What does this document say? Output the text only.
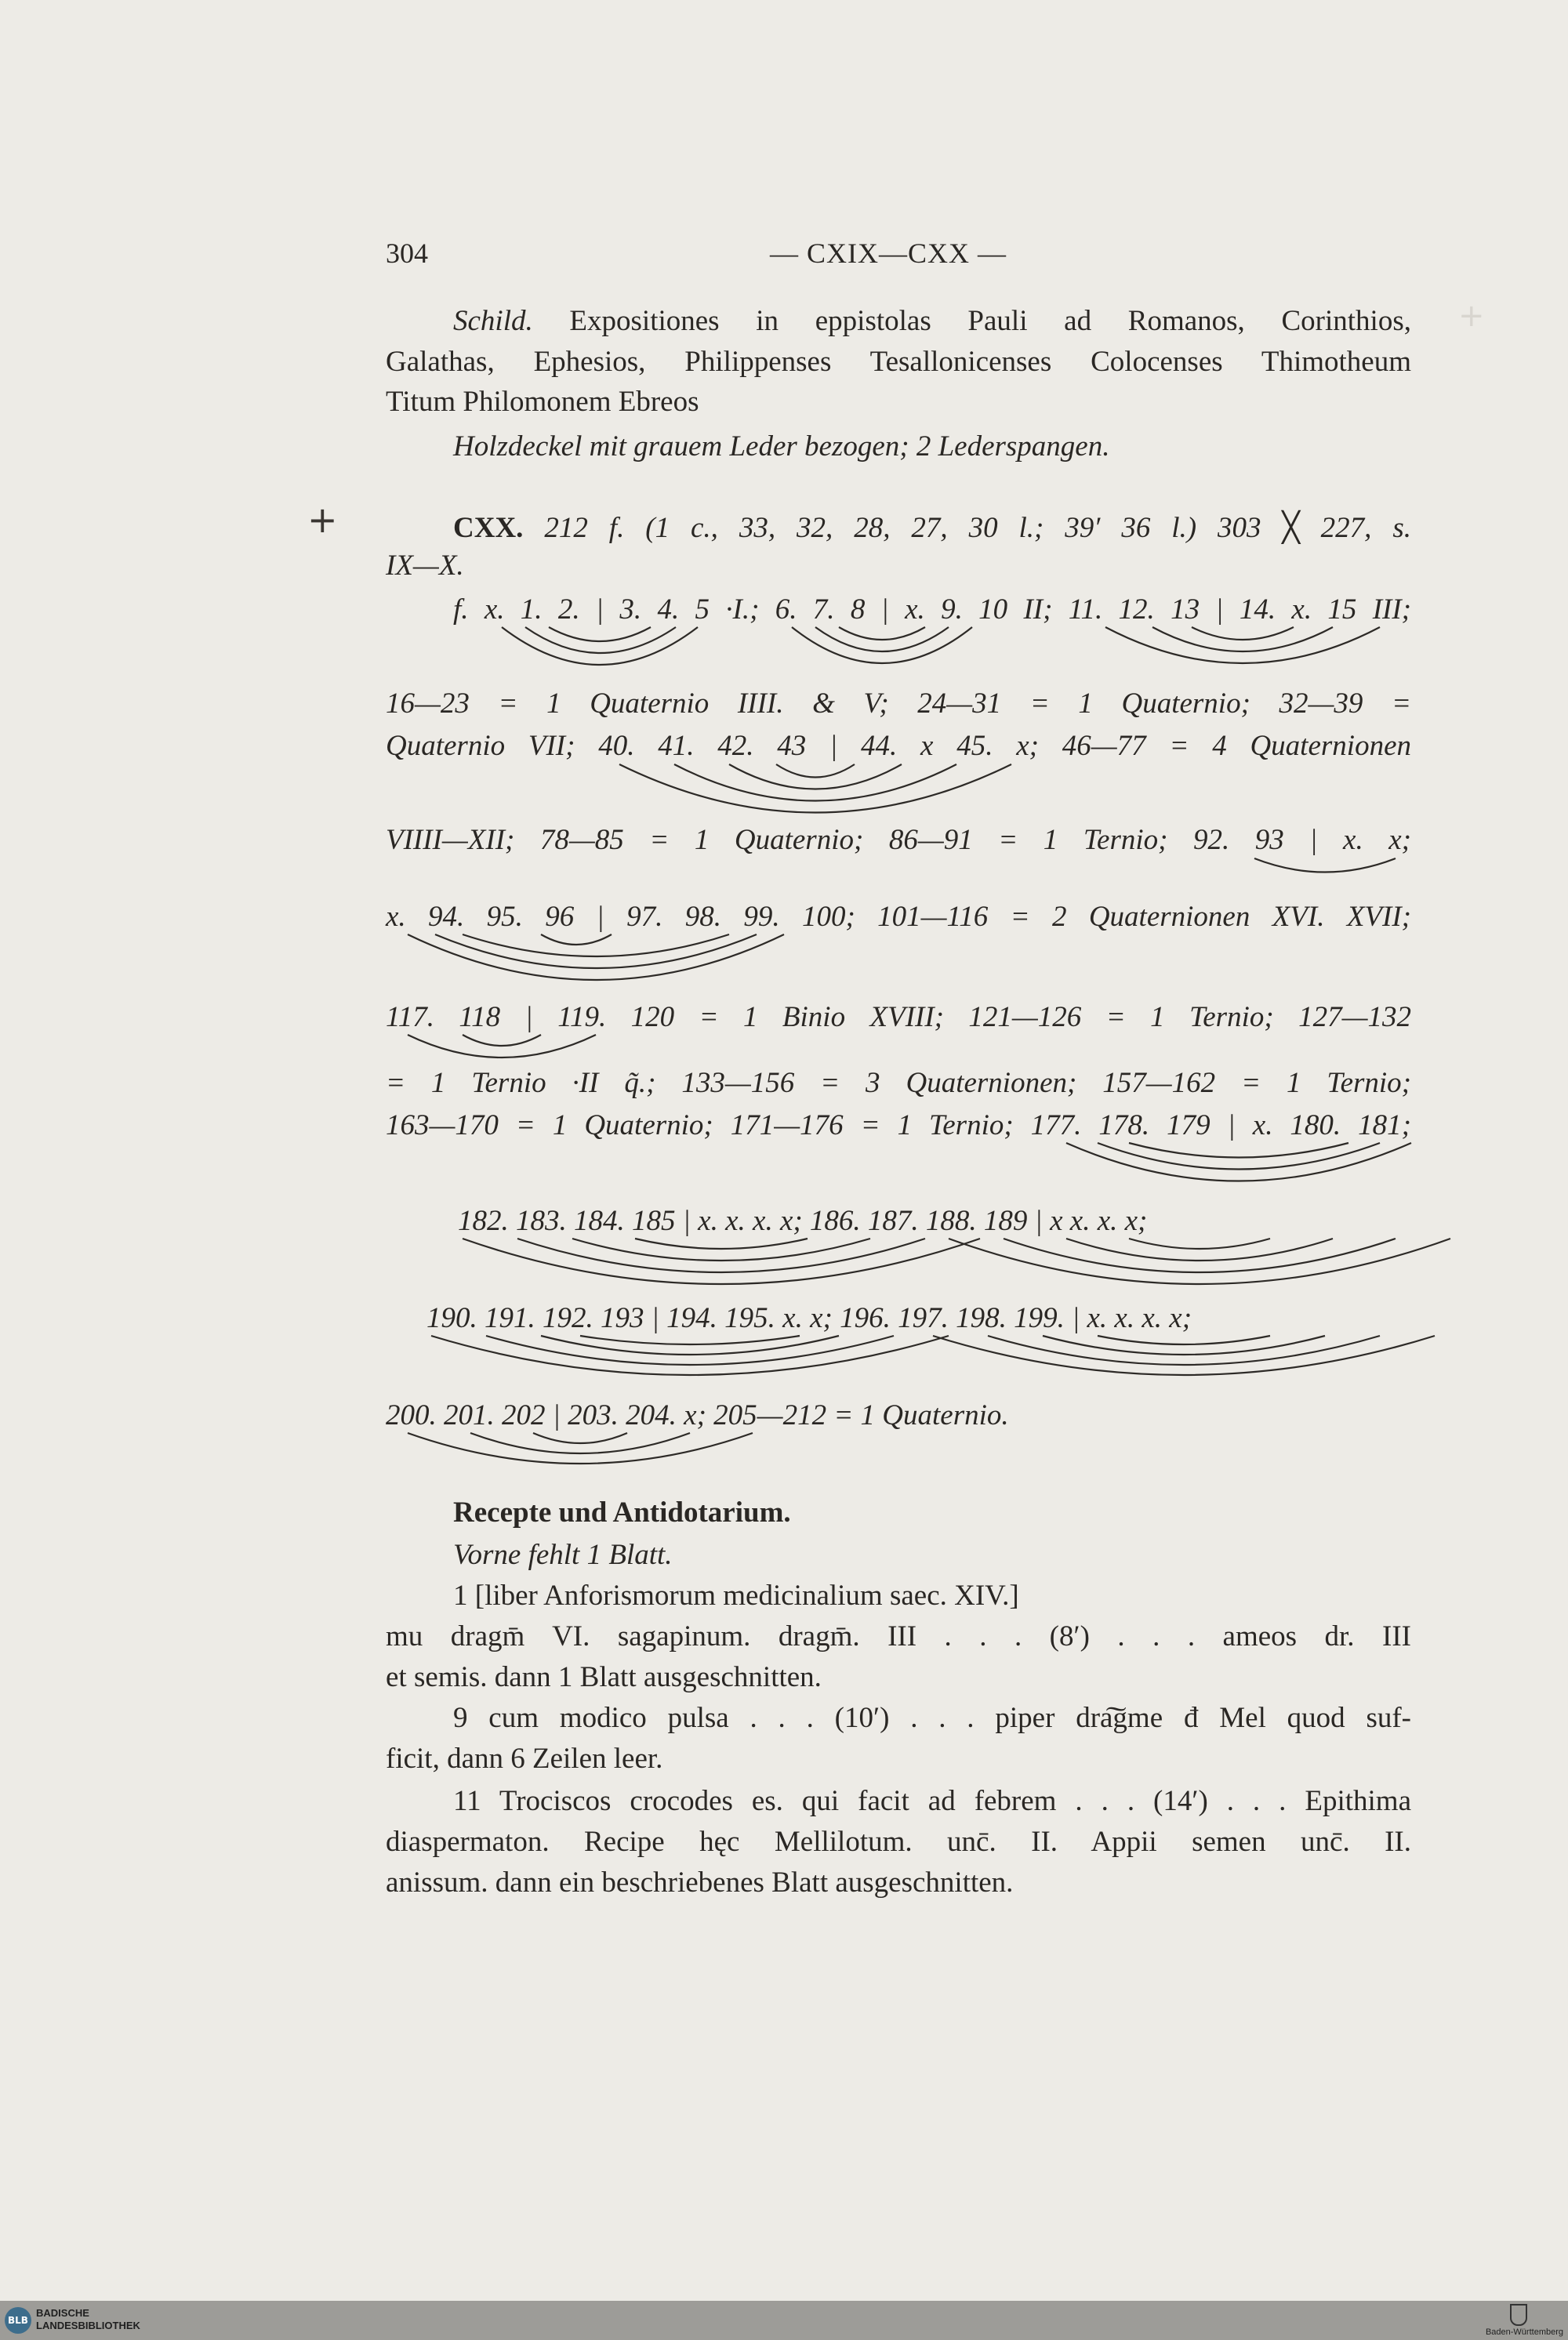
304	— CXIX—CXX —
+
Schild. Expositiones in eppistolas Pauli ad Romanos, Corinthios,
Galathas, Ephesios, Philippenses Tesallonicenses Colocenses Thimotheum
Titum Philomonem Ebreos
Holzdeckel mit grauem Leder bezogen; 2 Lederspangen.
+	CXX. 212 f. (1 c., 33, 32, 28, 27, 30 l.; 39′ 36 l.) 303 ╳ 227, s.
IX—X.
f. x. 1. 2. | 3. 4. 5 ·I.; 6. 7. 8 | x. 9. 10 II; 11. 12. 13 | 14. x. 15 III;
16—23 = 1 Quaternio IIII. & V; 24—31 = 1 Quaternio; 32—39 =
Quaternio VII; 40. 41. 42. 43 | 44. x 45. x; 46—77 = 4 Quaternionen
VIIII—XII; 78—85 = 1 Quaternio; 86—91 = 1 Ternio; 92. 93 | x. x;
x. 94. 95. 96 | 97. 98. 99. 100; 101—116 = 2 Quaternionen XVI. XVII;
117. 118 | 119. 120 = 1 Binio XVIII; 121—126 = 1 Ternio; 127—132
= 1 Ternio ·II q̃.; 133—156 = 3 Quaternionen; 157—162 = 1 Ternio;
163—170 = 1 Quaternio; 171—176 = 1 Ternio; 177. 178. 179 | x. 180. 181;
182. 183. 184. 185 | x. x. x. x; 186. 187. 188. 189 | x x. x. x;
190. 191. 192. 193 | 194. 195. x. x; 196. 197. 198. 199. | x. x. x. x;
200. 201. 202 | 203. 204. x; 205—212 = 1 Quaternio.
Recepte und Antidotarium.
Vorne fehlt 1 Blatt.
1 [liber Anforismorum medicinalium saec. XIV.]
mu dragm̄ VI. sagapinum. dragm̄. III . . . (8′) . . . ameos dr. III
et semis. dann 1 Blatt ausgeschnitten.
9 cum modico pulsa . . . (10′) . . . piper dra͠gme đ Mel quod suf-
ficit, dann 6 Zeilen leer.
11 Trociscos crocodes es. qui facit ad febrem . . . (14′) . . . Epithima
diaspermaton. Recipe hęc Mellilotum. unc̄. II. Appii semen unc̄. II.
anissum. dann ein beschriebenes Blatt ausgeschnitten.
BLB
BADISCHE
LANDESBIBLIOTHEK
Baden-Württemberg
